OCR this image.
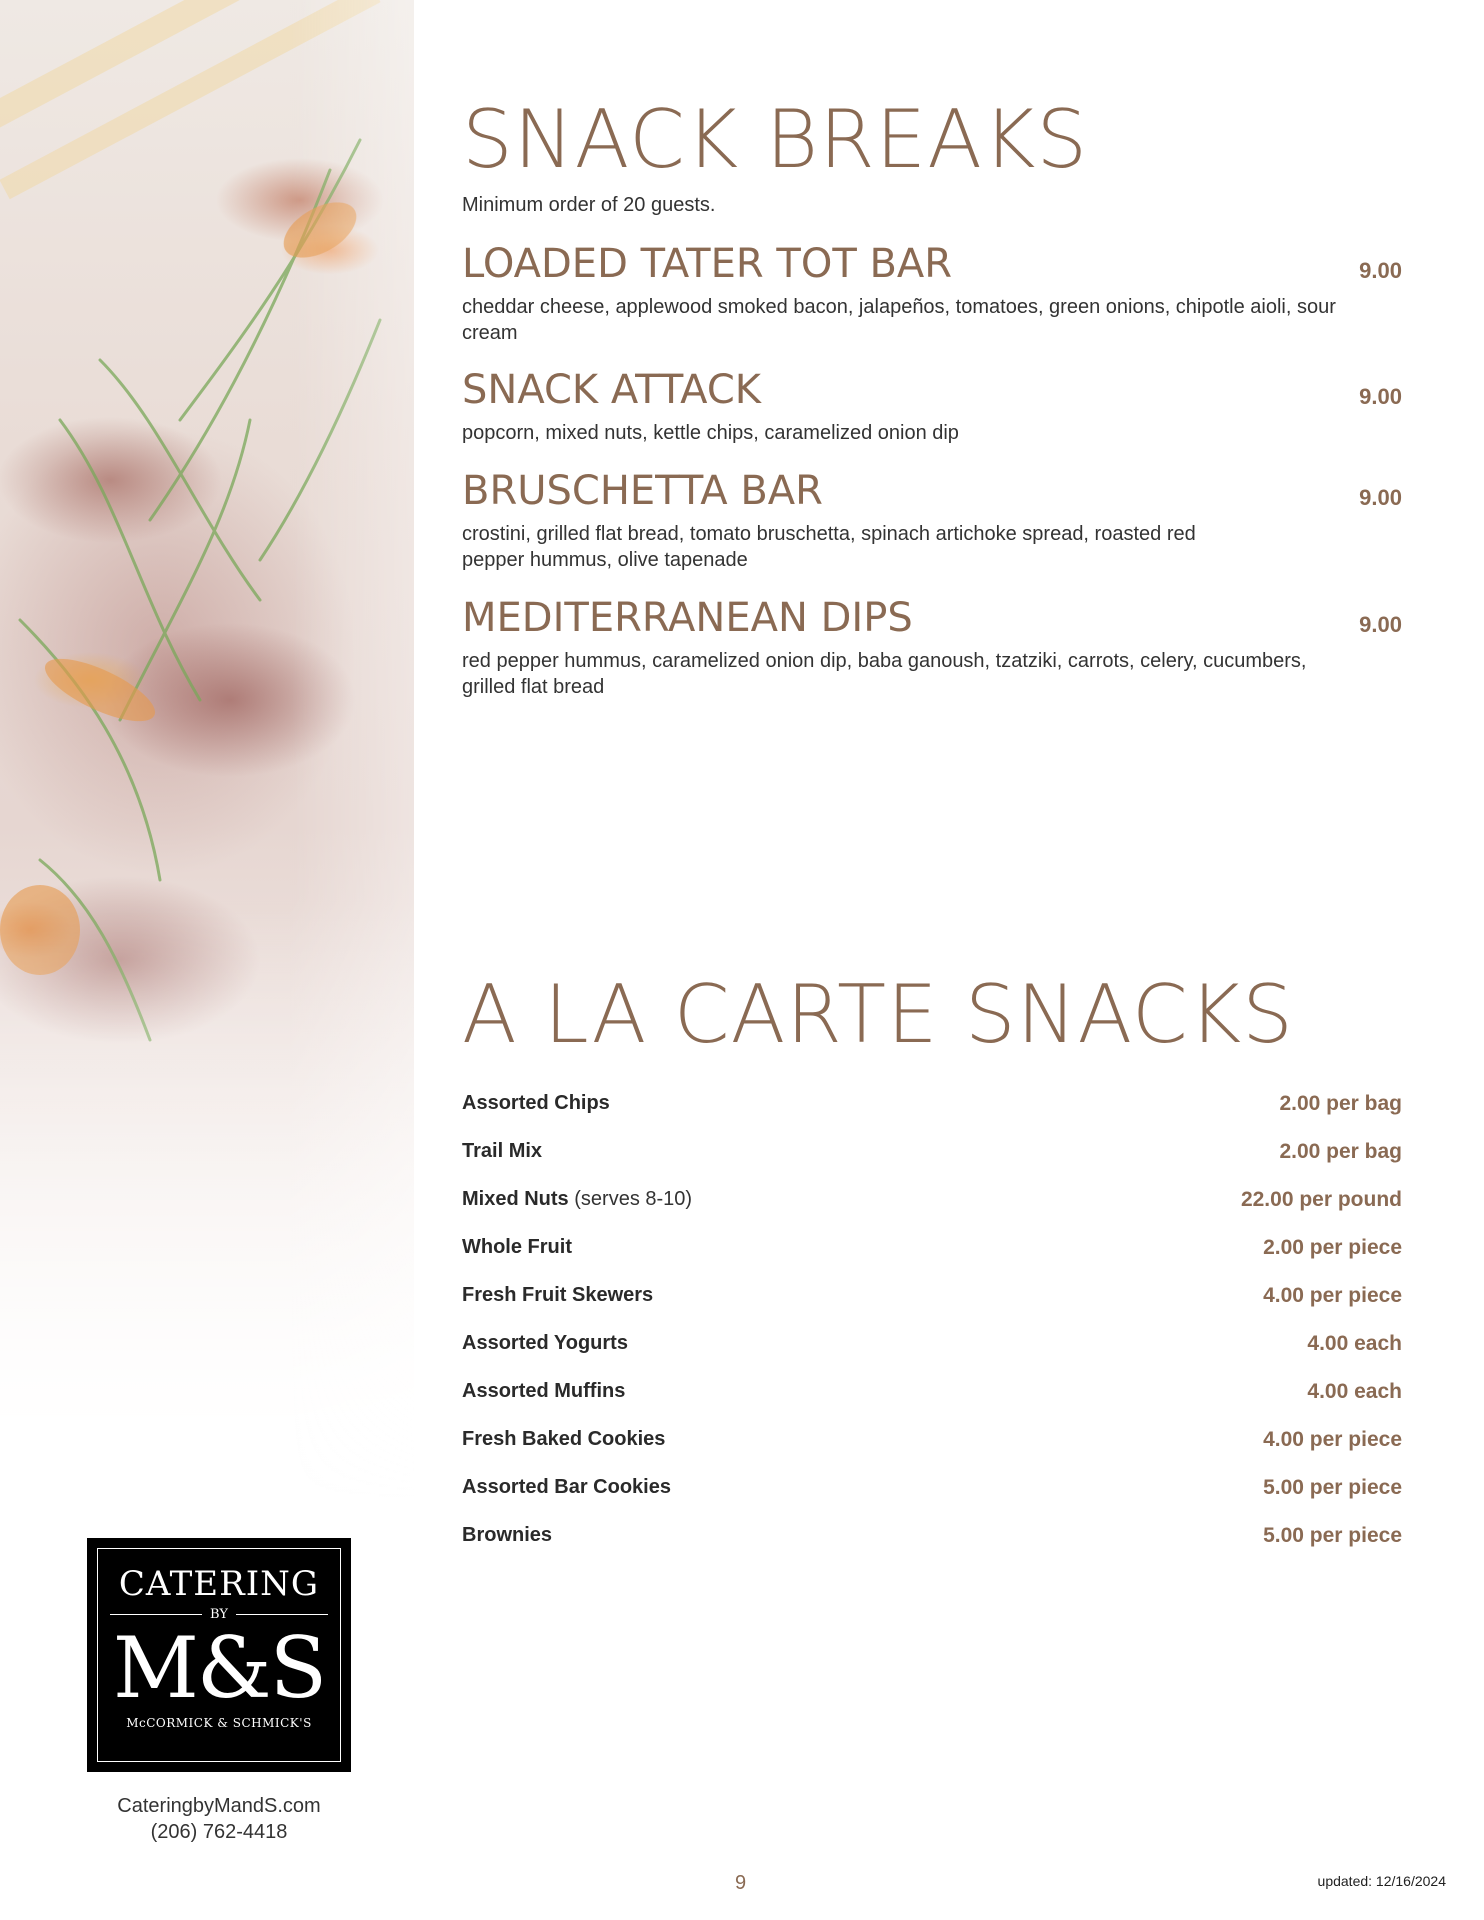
SNACK BREAKS
Minimum order of 20 guests.
LOADED TATER TOT BAR	9.00
cheddar cheese, applewood smoked bacon, jalapeños, tomatoes, green onions, chipotle aioli, sour cream
SNACK ATTACK	9.00
popcorn, mixed nuts, kettle chips, caramelized onion dip
BRUSCHETTA BAR	9.00
crostini, grilled flat bread, tomato bruschetta, spinach artichoke spread, roasted red pepper hummus, olive tapenade
MEDITERRANEAN DIPS	9.00
red pepper hummus, caramelized onion dip, baba ganoush, tzatziki, carrots, celery, cucumbers, grilled flat bread
A LA CARTE SNACKS
Assorted Chips	2.00 per bag
Trail Mix	2.00 per bag
Mixed Nuts (serves 8-10)	22.00 per pound
Whole Fruit	2.00 per piece
Fresh Fruit Skewers	4.00 per piece
Assorted Yogurts	4.00 each
Assorted Muffins	4.00 each
Fresh Baked Cookies	4.00 per piece
Assorted Bar Cookies	5.00 per piece
Brownies	5.00 per piece
CATERING
BY
M&S
McCORMICK & SCHMICK'S
CateringbyMandS.com
(206) 762-4418
9	updated: 12/16/2024
